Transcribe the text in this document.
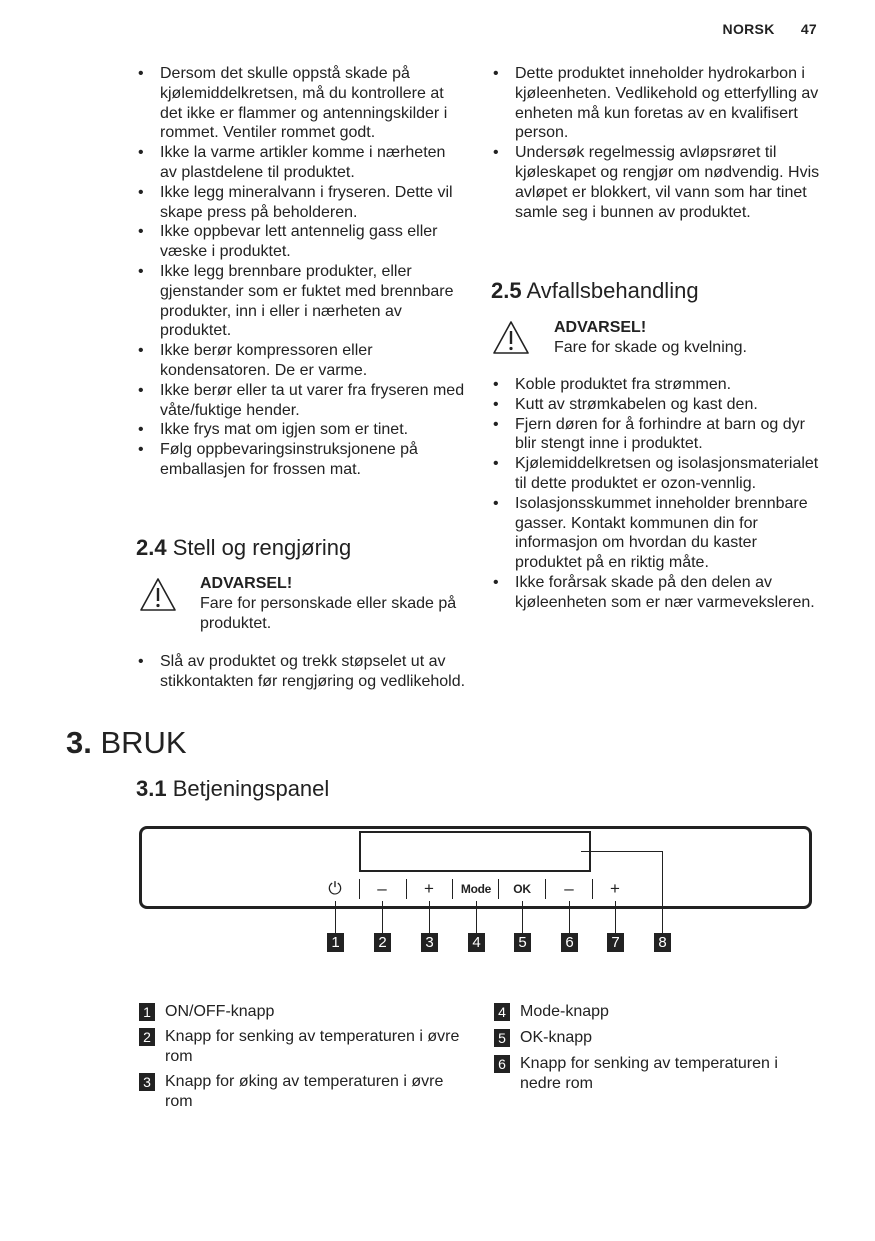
NORSK 47
• Dersom det skulle oppstå skade på kjølemiddelkretsen, må du kontrollere at det ikke er flammer og antenningskilder i rommet. Ventiler rommet godt.
• Ikke la varme artikler komme i nærheten av plastdelene til produktet.
• Ikke legg mineralvann i fryseren. Dette vil skape press på beholderen.
• Ikke oppbevar lett antennelig gass eller væske i produktet.
• Ikke legg brennbare produkter, eller gjenstander som er fuktet med brennbare produkter, inn i eller i nærheten av produktet.
• Ikke berør kompressoren eller kondensatoren. De er varme.
• Ikke berør eller ta ut varer fra fryseren med våte/fuktige hender.
• Ikke frys mat om igjen som er tinet.
• Følg oppbevaringsinstruksjonene på emballasjen for frossen mat.
2.4 Stell og rengjøring
ADVARSEL!
Fare for personskade eller skade på produktet.
• Slå av produktet og trekk støpselet ut av stikkontakten før rengjøring og vedlikehold.
• Dette produktet inneholder hydrokarbon i kjøleenheten. Vedlikehold og etterfylling av enheten må kun foretas av en kvalifisert person.
• Undersøk regelmessig avløpsrøret til kjøleskapet og rengjør om nødvendig. Hvis avløpet er blokkert, vil vann som har tinet samle seg i bunnen av produktet.
2.5 Avfallsbehandling
ADVARSEL!
Fare for skade og kvelning.
• Koble produktet fra strømmen.
• Kutt av strømkabelen og kast den.
• Fjern døren for å forhindre at barn og dyr blir stengt inne i produktet.
• Kjølemiddelkretsen og isolasjonsmaterialet til dette produktet er ozon-vennlig.
• Isolasjonsskummet inneholder brennbare gasser. Kontakt kommunen din for informasjon om hvordan du kaster produktet på en riktig måte.
• Ikke forårsak skade på den delen av kjøleenheten som er nær varmeveksleren.
3. BRUK
3.1 Betjeningspanel
⏻	–	+	Mode	OK	–	+
1	2	3	4	5	6	7	8
1 ON/OFF-knapp
2 Knapp for senking av temperaturen i øvre rom
3 Knapp for øking av temperaturen i øvre rom
4 Mode-knapp
5 OK-knapp
6 Knapp for senking av temperaturen i nedre rom
